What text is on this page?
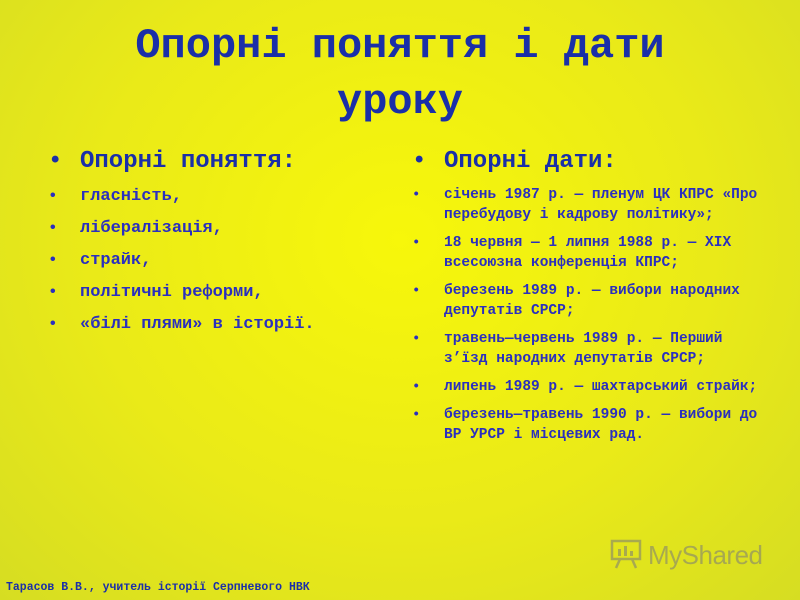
Опорні поняття і дати уроку
• Опорні поняття:
•	гласність,
•	лібералізація,
•	страйк,
•	політичні реформи,
•	«білі плями» в історії.
• Опорні дати:
•	січень 1987 р. — пленум ЦК КПРС «Про перебудову і кадрову політику»;
•	18 червня — 1 липня 1988 р. — XIX всесоюзна конференція КПРС;
•	березень 1989 р. — вибори народних депутатів СРСР;
•	травень—червень 1989 р. — Перший з’їзд народних депутатів СРСР;
•	липень 1989 р. — шахтарський страйк;
•	березень—травень 1990 р. — вибори до ВР УРСР і місцевих рад.
MyShared
Тарасов В.В., учитель історії Серпневого НВК
